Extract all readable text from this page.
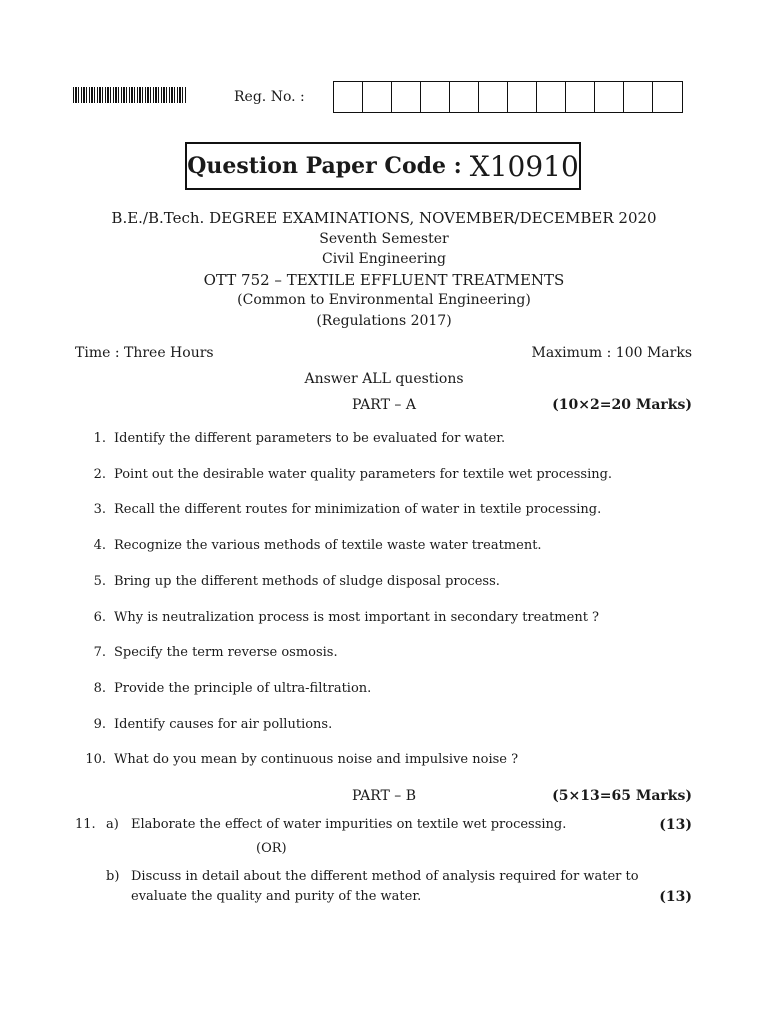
Reg. No. :
Question Paper Code : X10910
B.E./B.Tech. DEGREE EXAMINATIONS, NOVEMBER/DECEMBER 2020
Seventh Semester
Civil Engineering
OTT 752 – TEXTILE EFFLUENT TREATMENTS
(Common to Environmental Engineering)
(Regulations 2017)
Time : Three Hours	Maximum : 100 Marks
Answer ALL questions
PART – A	(10×2=20 Marks)
1. Identify the different parameters to be evaluated for water.
2. Point out the desirable water quality parameters for textile wet processing.
3. Recall the different routes for minimization of water in textile processing.
4. Recognize the various methods of textile waste water treatment.
5. Bring up the different methods of sludge disposal process.
6. Why is neutralization process is most important in secondary treatment ?
7. Specify the term reverse osmosis.
8. Provide the principle of ultra-filtration.
9. Identify causes for air pollutions.
10. What do you mean by continuous noise and impulsive noise ?
PART – B	(5×13=65 Marks)
11. a) Elaborate the effect of water impurities on textile wet processing.	(13)
(OR)
b) Discuss in detail about the different method of analysis required for water to
evaluate the quality and purity of the water.	(13)
